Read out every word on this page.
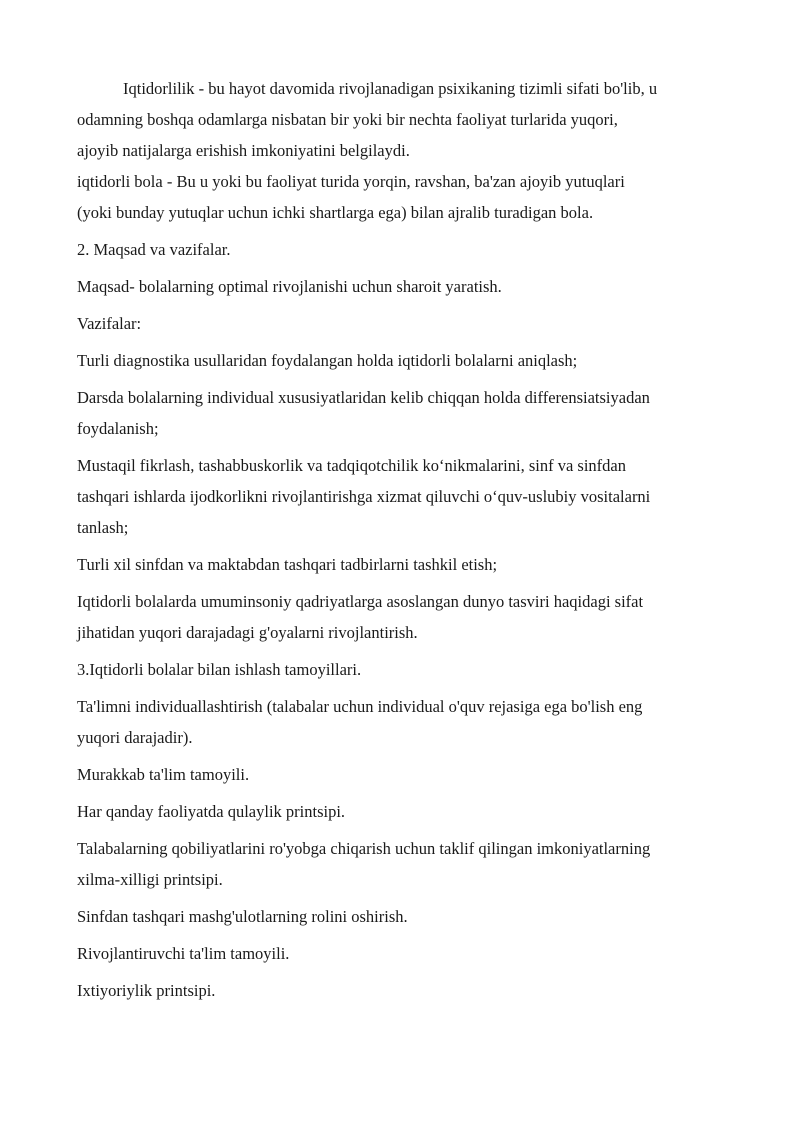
Iqtidorlilik - bu hayot davomida rivojlanadigan psixikaning tizimli sifati bo'lib, u

odamning boshqa odamlarga nisbatan bir yoki bir nechta faoliyat turlarida yuqori,

ajoyib natijalarga erishish imkoniyatini belgilaydi.

iqtidorli bola - Bu u yoki bu faoliyat turida yorqin, ravshan, ba'zan ajoyib yutuqlari

(yoki bunday yutuqlar uchun ichki shartlarga ega) bilan ajralib turadigan bola.

2. Maqsad va vazifalar.

Maqsad- bolalarning optimal rivojlanishi uchun sharoit yaratish.

Vazifalar:

Turli diagnostika usullaridan foydalangan holda iqtidorli bolalarni aniqlash;

Darsda bolalarning individual xususiyatlaridan kelib chiqqan holda differensiatsiyadan

foydalanish;

Mustaqil fikrlash, tashabbuskorlik va tadqiqotchilik ko‘nikmalarini, sinf va sinfdan

tashqari ishlarda ijodkorlikni rivojlantirishga xizmat qiluvchi o‘quv-uslubiy vositalarni

tanlash;

Turli xil sinfdan va maktabdan tashqari tadbirlarni tashkil etish;

Iqtidorli bolalarda umuminsoniy qadriyatlarga asoslangan dunyo tasviri haqidagi sifat

jihatidan yuqori darajadagi g'oyalarni rivojlantirish.

3.Iqtidorli bolalar bilan ishlash tamoyillari.

Ta'limni individuallashtirish (talabalar uchun individual o'quv rejasiga ega bo'lish eng

yuqori darajadir).

Murakkab ta'lim tamoyili.

Har qanday faoliyatda qulaylik printsipi.

Talabalarning qobiliyatlarini ro'yobga chiqarish uchun taklif qilingan imkoniyatlarning

xilma-xilligi printsipi.

Sinfdan tashqari mashg'ulotlarning rolini oshirish.

Rivojlantiruvchi ta'lim tamoyili.

Ixtiyoriylik printsipi.
